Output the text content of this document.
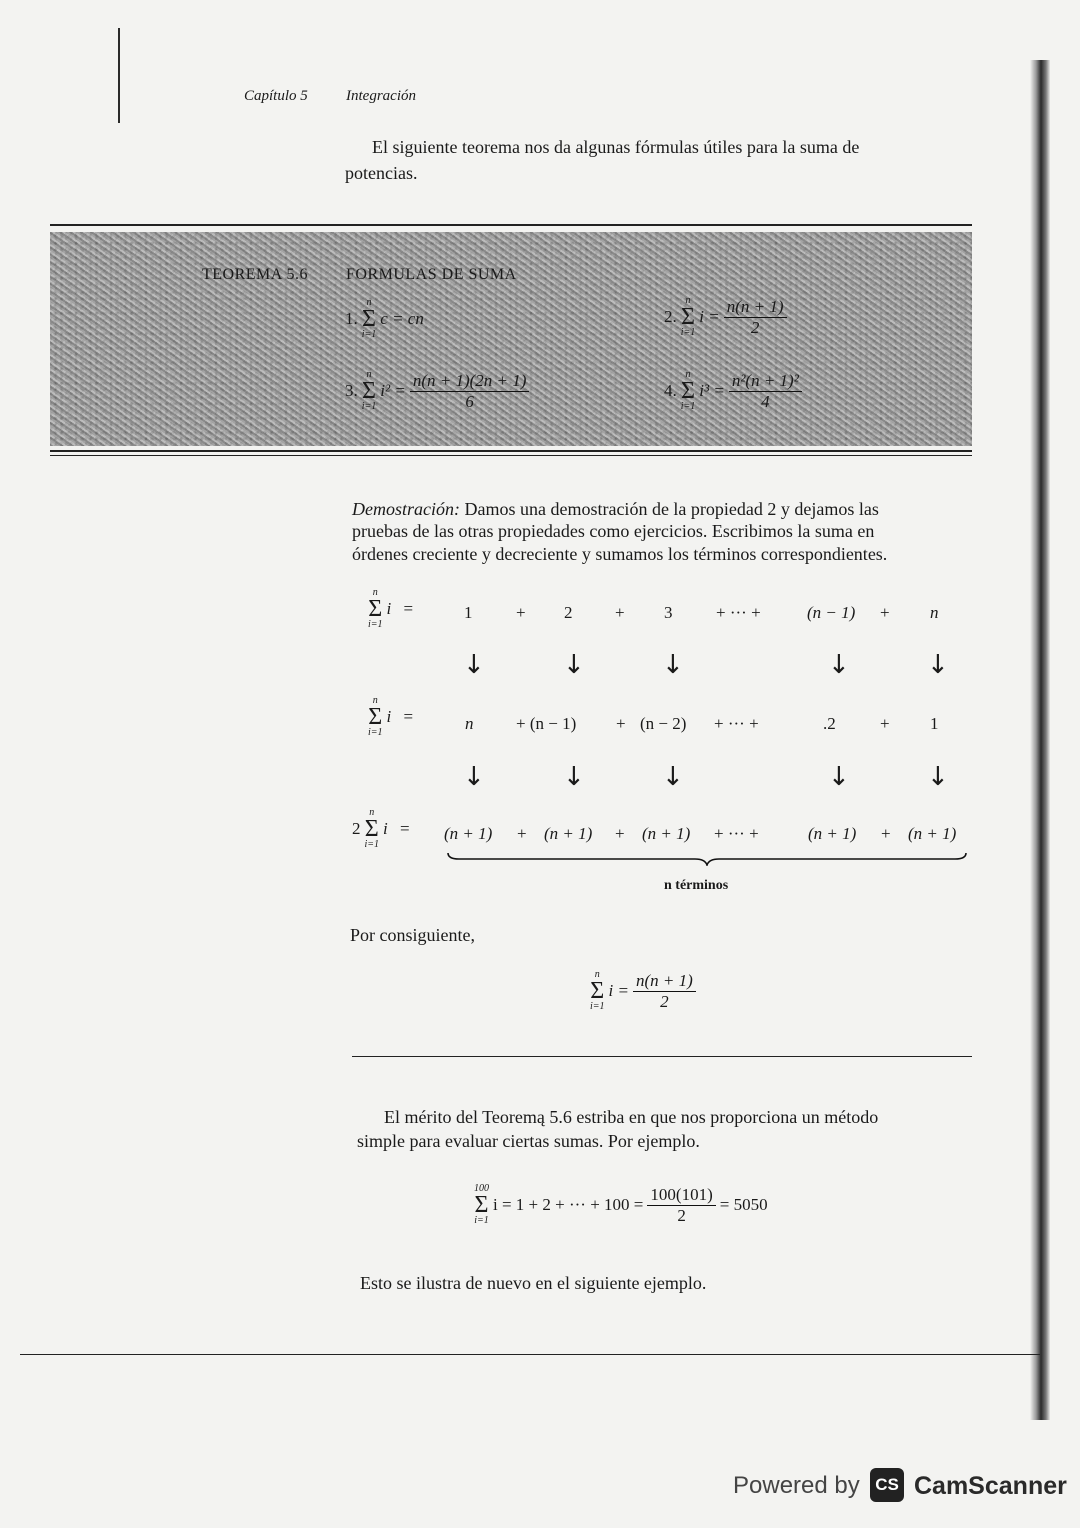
Capítulo 5	Integración
El siguiente teorema nos da algunas fórmulas útiles para la suma de
potencias.
TEOREMA 5.6 FORMULAS DE SUMA
1.
n
Σ
i=1
c = cn	2.
n
Σ
i=1
$i = \frac{n(n + 1)}{2}$
3.
n
Σ
i=1
$i^2 = \frac{n(n + 1)(2n + 1)}{6}$	4.
n
Σ
i=1
$i^3 = \frac{\text{n²(n + 1)²}}{4}$
Demostración: Damos una demostración de la propiedad 2 y dejamos las
pruebas de las otras propiedades como ejercicios. Escribimos la suma en
órdenes creciente y decreciente y sumamos los términos correspondientes.
n
Σ
i=1
i
=	1	+ 2	+ 3	+ ··· +	(n − 1) + n
↓	↓	↓	↓	↓
n
Σ
i=1
i
=	n	+ (n − 1) + (n − 2) + ··· +	.2	+ 1
↓	↓	↓	↓	↓
2
n
Σ
i=1
i
= (n + 1) + (n + 1) + (n + 1) + ··· +	(n + 1) + (n + 1)
n términos
Por consiguiente,
n
Σ
i=1
$i = \frac{n(n + 1)}{2}$
El mérito del Teoremą 5.6 estriba en que nos proporciona un método
simple para evaluar ciertas sumas. Por ejemplo.
100
Σ
i=1
i = 1 + 2 + ··· + $100 = \frac{100(101)}{2} = 5050$
Esto se ilustra de nuevo en el siguiente ejemplo.
Powered by CS CamScanner
